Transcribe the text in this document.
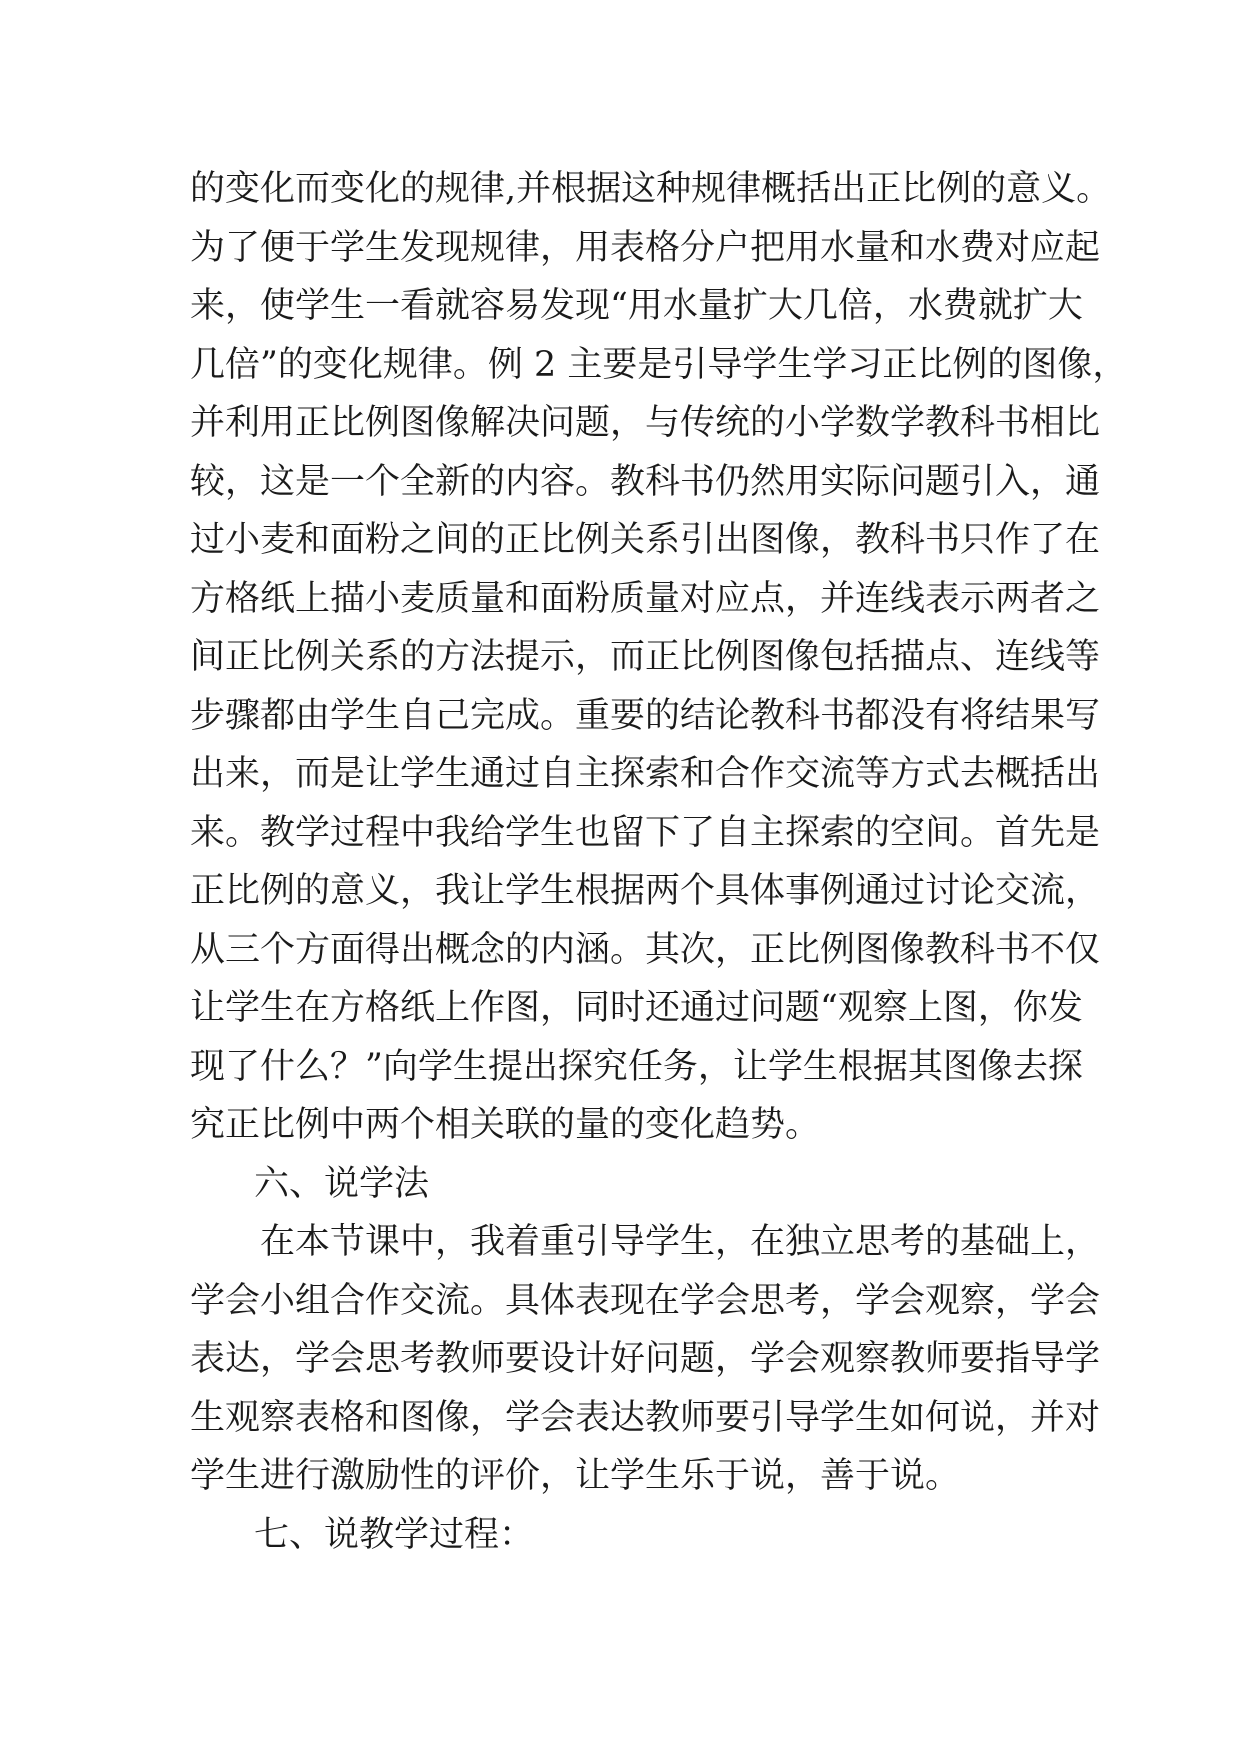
的变化而变化的规律,并根据这种规律概括出正比例的意义。
为了便于学生发现规律，用表格分户把用水量和水费对应起
来，使学生一看就容易发现“用水量扩大几倍，水费就扩大
几倍”的变化规律。例 2 主要是引导学生学习正比例的图像，
并利用正比例图像解决问题，与传统的小学数学教科书相比
较，这是一个全新的内容。教科书仍然用实际问题引入，通
过小麦和面粉之间的正比例关系引出图像，教科书只作了在
方格纸上描小麦质量和面粉质量对应点，并连线表示两者之
间正比例关系的方法提示，而正比例图像包括描点、连线等
步骤都由学生自己完成。重要的结论教科书都没有将结果写
出来，而是让学生通过自主探索和合作交流等方式去概括出
来。教学过程中我给学生也留下了自主探索的空间。首先是
正比例的意义，我让学生根据两个具体事例通过讨论交流，
从三个方面得出概念的内涵。其次，正比例图像教科书不仅
让学生在方格纸上作图，同时还通过问题“观察上图，你发
现了什么？”向学生提出探究任务，让学生根据其图像去探
究正比例中两个相关联的量的变化趋势。
六、说学法
在本节课中，我着重引导学生，在独立思考的基础上，
学会小组合作交流。具体表现在学会思考，学会观察，学会
表达，学会思考教师要设计好问题，学会观察教师要指导学
生观察表格和图像，学会表达教师要引导学生如何说，并对
学生进行激励性的评价，让学生乐于说，善于说。
七、说教学过程：
